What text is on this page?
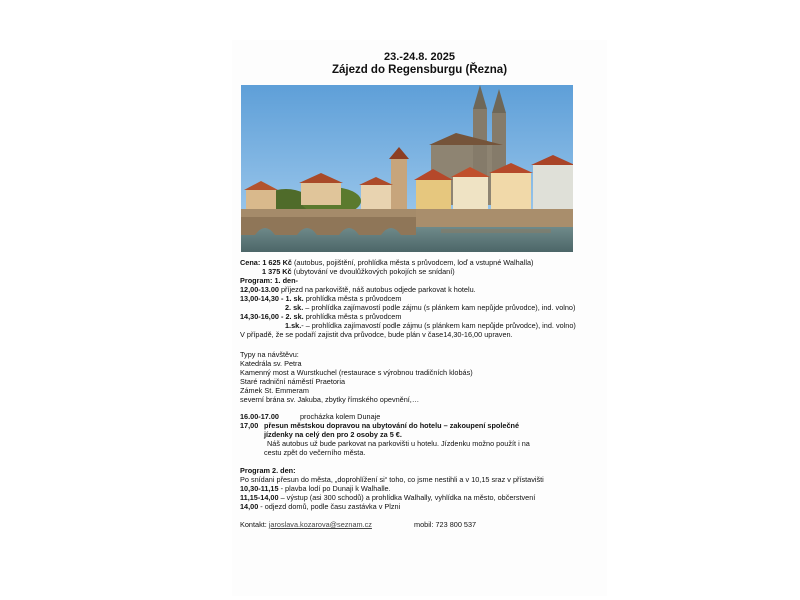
23.-24.8. 2025
Zájezd do Regensburgu (Řezna)
Cena: 1 625 Kč (autobus, pojištění, prohlídka města s průvodcem, loď a vstupné Walhalla)
1 375 Kč (ubytování ve dvoulůžkových pokojích se snídaní)
Program: 1. den-
12,00-13.00 příjezd na parkoviště, náš autobus odjede parkovat k hotelu.
13,00-14,30 - 1. sk. prohlídka města s průvodcem
2. sk. – prohlídka zajímavostí podle zájmu (s plánkem kam nepůjde průvodce), ind. volno)
14,30-16,00 - 2. sk. prohlídka města s průvodcem
1.sk.- – prohlídka zajímavostí podle zájmu (s plánkem kam nepůjde průvodce), ind. volno)
V případě, že se podaří zajistit dva průvodce, bude plán v čase14,30-16,00 upraven.
Typy na návštěvu:
Katedrála sv. Petra
Kamenný most a Wurstkuchel (restaurace s výrobnou tradičních klobás)
Staré radniční náměstí Praetoria
Zámek St. Emmeram
severní brána sv. Jakuba, zbytky římského opevnění,…
16.00-17.00	procházka kolem Dunaje
17,00 přesun městskou dopravou na ubytování do hotelu – zakoupení společné
jízdenky na celý den pro 2 osoby za 5 €.
Náš autobus už bude parkovat na parkovišti u hotelu. Jízdenku možno použít i na
cestu zpět do večerního města.
Program 2. den:
Po snídani přesun do města, „doprohlížení si“ toho, co jsme nestihli a v 10,15 sraz v přístavišti
10,30-11,15 - plavba lodí po Dunaji k Walhalle.
11,15-14,00 – výstup (asi 300 schodů) a prohlídka Walhally, vyhlídka na město, občerstvení
14,00 - odjezd domů, podle času zastávka v Plzni
Kontakt: jaroslava.kozarova@seznam.cz	mobil: 723 800 537
